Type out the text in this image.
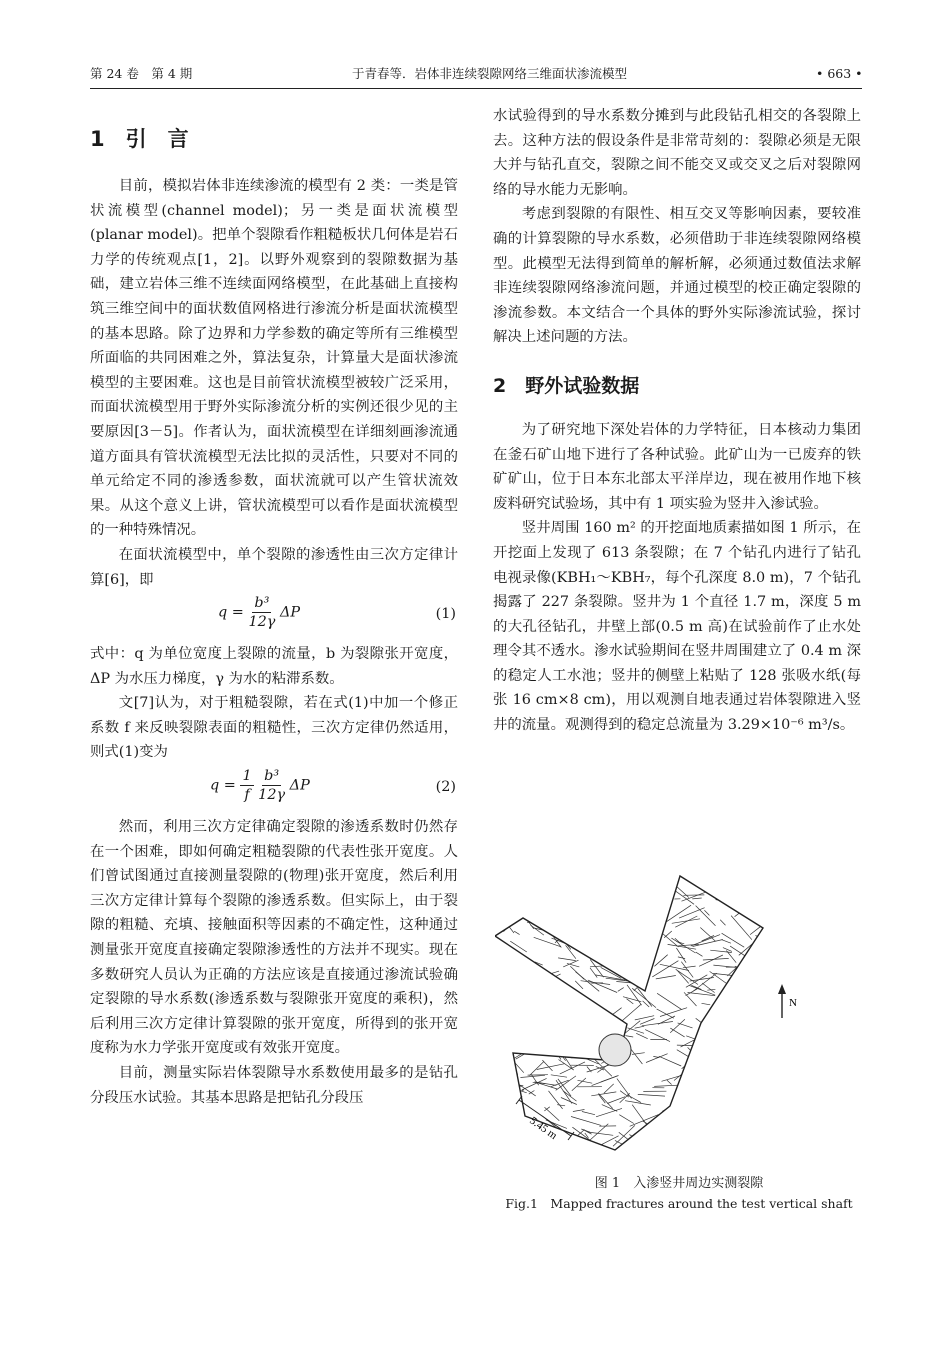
第 24 卷　第 4 期	于青春等．岩体非连续裂隙网络三维面状渗流模型	• 663 •
1　引　言

目前，模拟岩体非连续渗流的模型有 2 类：一类是管状流模型(channel model)；另一类是面状流模型(planar model)。把单个裂隙看作粗糙板状几何体是岩石力学的传统观点[1，2]。以野外观察到的裂隙数据为基础，建立岩体三维不连续面网络模型，在此基础上直接构筑三维空间中的面状数值网格进行渗流分析是面状流模型的基本思路。除了边界和力学参数的确定等所有三维模型所面临的共同困难之外，算法复杂，计算量大是面状渗流模型的主要困难。这也是目前管状流模型被较广泛采用，而面状流模型用于野外实际渗流分析的实例还很少见的主要原因[3－5]。作者认为，面状流模型在详细刻画渗流通道方面具有管状流模型无法比拟的灵活性，只要对不同的单元给定不同的渗透参数，面状流就可以产生管状流效果。从这个意义上讲，管状流模型可以看作是面状流模型的一种特殊情况。

在面状流模型中，单个裂隙的渗透性由三次方定律计算[6]，即

$q = \frac{\text{b³}}{12\gamma}$ ΔP	(1)

式中：q 为单位宽度上裂隙的流量，b 为裂隙张开宽度，ΔP 为水压力梯度，γ 为水的粘滞系数。

文[7]认为，对于粗糙裂隙，若在式(1)中加一个修正系数 f 来反映裂隙表面的粗糙性，三次方定律仍然适用，则式(1)变为

$q = \frac{1}{f}$
$\frac{\text{b³}}{12\gamma}$ ΔP	(2)

然而，利用三次方定律确定裂隙的渗透系数时仍然存在一个困难，即如何确定粗糙裂隙的代表性张开宽度。人们曾试图通过直接测量裂隙的(物理)张开宽度，然后利用三次方定律计算每个裂隙的渗透系数。但实际上，由于裂隙的粗糙、充填、接触面积等因素的不确定性，这种通过测量张开宽度直接确定裂隙渗透性的方法并不现实。现在多数研究人员认为正确的方法应该是直接通过渗流试验确定裂隙的导水系数(渗透系数与裂隙张开宽度的乘积)，然后利用三次方定律计算裂隙的张开宽度，所得到的张开宽度称为水力学张开宽度或有效张开宽度。

目前，测量实际岩体裂隙导水系数使用最多的是钻孔分段压水试验。其基本思路是把钻孔分段压

水试验得到的导水系数分摊到与此段钻孔相交的各裂隙上去。这种方法的假设条件是非常苛刻的：裂隙必须是无限大并与钻孔直交，裂隙之间不能交叉或交叉之后对裂隙网络的导水能力无影响。

考虑到裂隙的有限性、相互交叉等影响因素，要较准确的计算裂隙的导水系数，必须借助于非连续裂隙网络模型。此模型无法得到简单的解析解，必须通过数值法求解非连续裂隙网络渗流问题，并通过模型的校正确定裂隙的渗流参数。本文结合一个具体的野外实际渗流试验，探讨解决上述问题的方法。

2　野外试验数据

为了研究地下深处岩体的力学特征，日本核动力集团在釜石矿山地下进行了各种试验。此矿山为一已废弃的铁矿矿山，位于日本东北部太平洋岸边，现在被用作地下核废料研究试验场，其中有 1 项实验为竖井入渗试验。

竖井周围 160 m² 的开挖面地质素描如图 1 所示，在开挖面上发现了 613 条裂隙；在 7 个钻孔内进行了钻孔电视录像(KBH₁～KBH₇，每个孔深度 8.0 m)，7 个钻孔揭露了 227 条裂隙。竖井为 1 个直径 1.7 m，深度 5 m 的大孔径钻孔，井壁上部(0.5 m 高)在试验前作了止水处理令其不透水。渗水试验期间在竖井周围建立了 0.4 m 深的稳定人工水池；竖井的侧壁上粘贴了 128 张吸水纸(每张 16 cm×8 cm)，用以观测自地表通过岩体裂隙进入竖井的流量。观测得到的稳定总流量为 3.29×10⁻⁶ m³/s。

N
5.45 m
图 1　入渗竖井周边实测裂隙
Fig.1　Mapped fractures around the test vertical shaft
